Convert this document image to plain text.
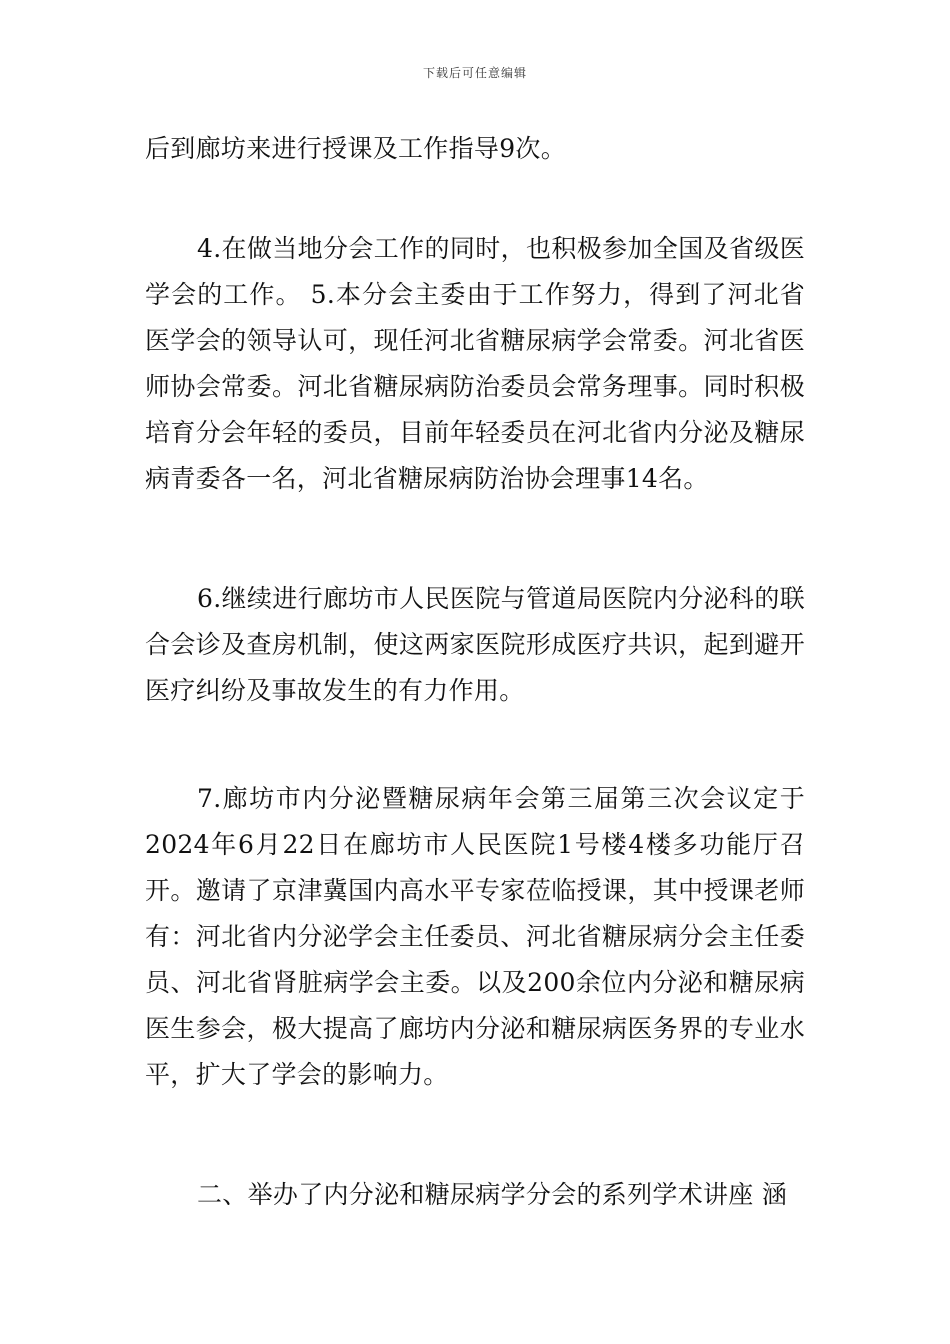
下载后可任意编辑

后到廊坊来进行授课及工作指导9次。

4.在做当地分会工作的同时，也积极参加全国及省级医学会的工作。 5.本分会主委由于工作努力，得到了河北省医学会的领导认可，现任河北省糖尿病学会常委。河北省医师协会常委。河北省糖尿病防治委员会常务理事。同时积极培育分会年轻的委员，目前年轻委员在河北省内分泌及糖尿病青委各一名，河北省糖尿病防治协会理事14名。

6.继续进行廊坊市人民医院与管道局医院内分泌科的联合会诊及查房机制，使这两家医院形成医疗共识，起到避开医疗纠纷及事故发生的有力作用。

7.廊坊市内分泌暨糖尿病年会第三届第三次会议定于2024年6月22日在廊坊市人民医院1号楼4楼多功能厅召开。邀请了京津冀国内高水平专家莅临授课，其中授课老师有：河北省内分泌学会主任委员、河北省糖尿病分会主任委员、河北省肾脏病学会主委。以及200余位内分泌和糖尿病医生参会，极大提高了廊坊内分泌和糖尿病医务界的专业水平，扩大了学会的影响力。

二、举办了内分泌和糖尿病学分会的系列学术讲座 涵
